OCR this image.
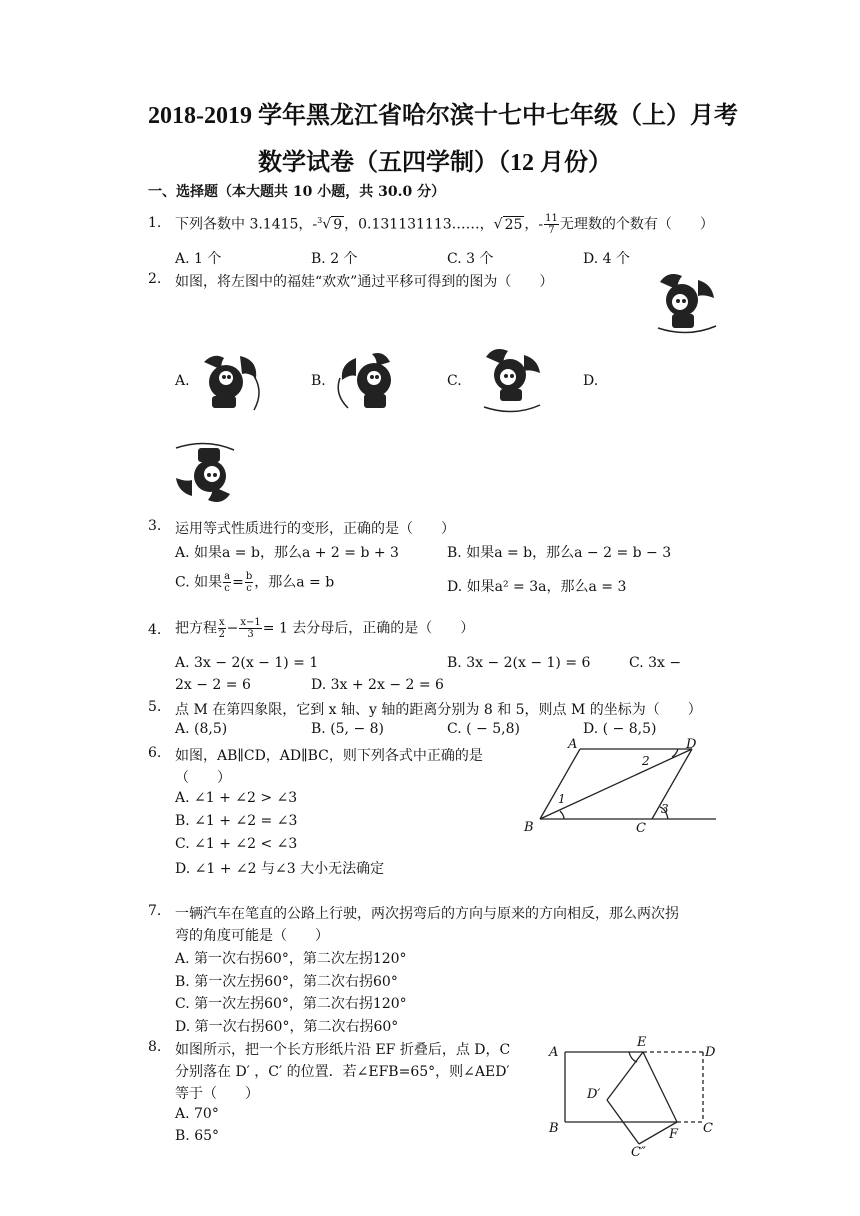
2018-2019 学年黑龙江省哈尔滨十七中七年级（上）月考
数学试卷（五四学制）（12 月份）
一、选择题（本大题共 10 小题，共 30.0 分）
1. 下列各数中 3.1415，-$^3$√ 9 ，0.131131113……，√ 25 ，- $\frac{11}{7}$ 无理数的个数有（　　）
A. 1 个	B. 2 个	C. 3 个	D. 4 个
2. 如图，将左图中的福娃“欢欢”通过平移可得到的图为（　　）
A.	B.	C.	D.
3. 运用等式性质进行的变形，正确的是（　　）
A. 如果a = b，那么a + 2 = b + 3	B. 如果a = b，那么a − 2 = b − 3
C. 如果 $\frac{a}{c} = \frac{b}{c}$ ，那么a = b	D. 如果a² = 3a，那么a = 3
4. 把方程 $\frac{x}{2} - \frac{x-1}{3} = 1$ 去分母后，正确的是（　　）
A. 3x − 2(x − 1) = 1	B. 3x − 2(x − 1) = 6	C. 3x −
2x − 2 = 6	D. 3x + 2x − 2 = 6
5. 点 M 在第四象限，它到 x 轴、y 轴的距离分别为 8 和 5，则点 M 的坐标为（　　）
A. (8,5)	B. (5, − 8)	C. ( − 5,8)	D. ( − 8,5)
6. 如图，AB∥CD，AD∥BC，则下列各式中正确的是
（　　）
A. ∠1 + ∠2 > ∠3
B. ∠1 + ∠2 = ∠3
C. ∠1 + ∠2 < ∠3
D. ∠1 + ∠2 与∠3 大小无法确定
A	D
B	C
1
2
3
7. 一辆汽车在笔直的公路上行驶，两次拐弯后的方向与原来的方向相反，那么两次拐
弯的角度可能是（　　）
A. 第一次右拐60°，第二次左拐120°
B. 第一次左拐60°，第二次右拐60°
C. 第一次左拐60°，第二次右拐120°
D. 第一次右拐60°，第二次右拐60°
8. 如图所示，把一个长方形纸片沿 EF 折叠后，点 D，C
分别落在 D′ ，C′ 的位置．若∠EFB=65°，则∠AED′
等于（　　）
A. 70°
B. 65°
A
E
D
D′
B	F C
C″
